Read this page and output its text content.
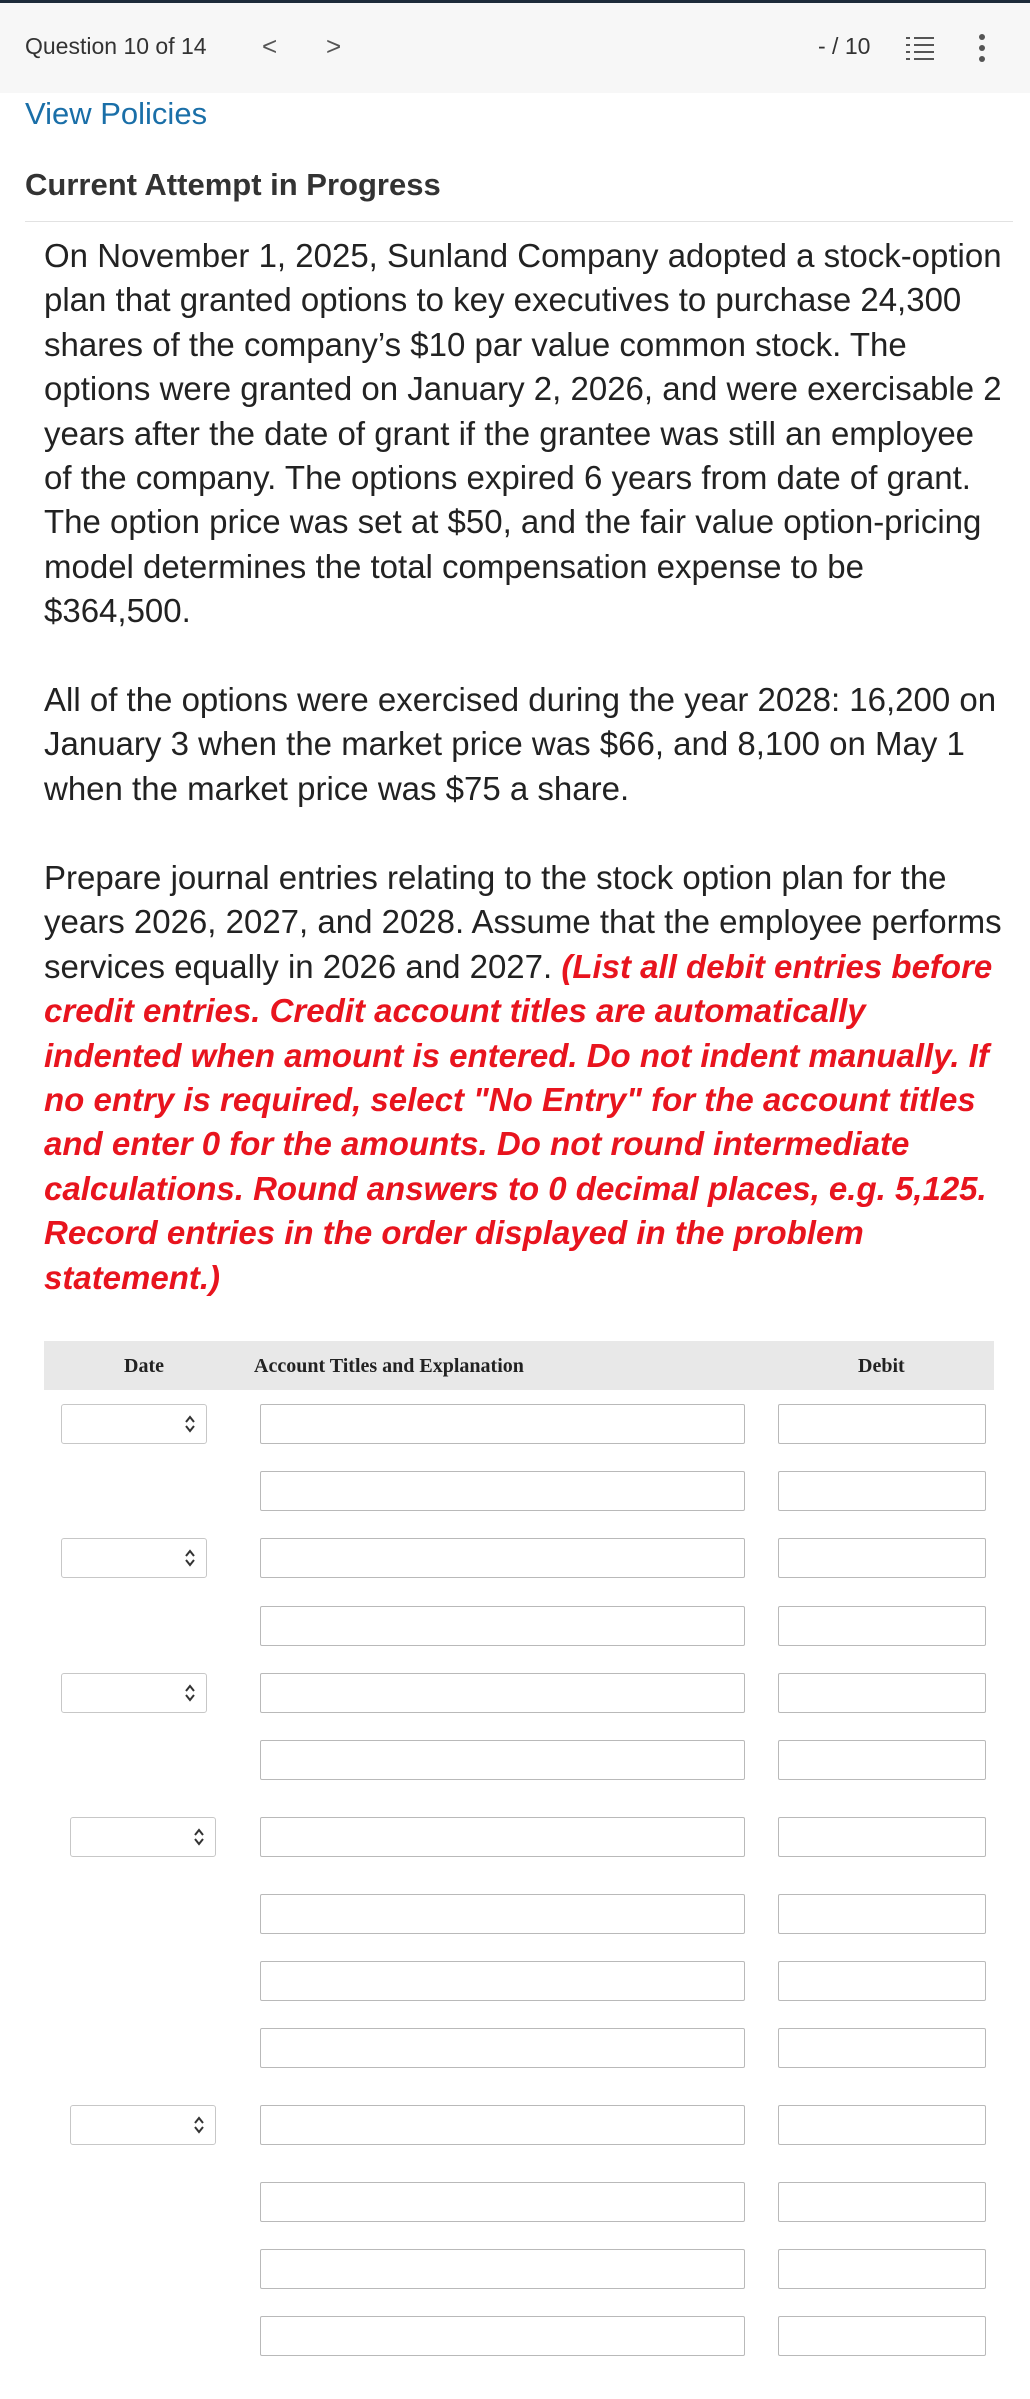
Question 10 of 14 < >	- / 10
View Policies
Current Attempt in Progress
On November 1, 2025, Sunland Company adopted a stock-option plan that granted options to key executives to purchase 24,300 shares of the company’s $10 par value common stock. The options were granted on January 2, 2026, and were exercisable 2 years after the date of grant if the grantee was still an employee of the company. The options expired 6 years from date of grant. The option price was set at $50, and the fair value option-pricing model determines the total compensation expense to be $364,500.
All of the options were exercised during the year 2028: 16,200 on January 3 when the market price was $66, and 8,100 on May 1 when the market price was $75 a share.
Prepare journal entries relating to the stock option plan for the years 2026, 2027, and 2028. Assume that the employee performs services equally in 2026 and 2027. (List all debit entries before credit entries. Credit account titles are automatically indented when amount is entered. Do not indent manually. If no entry is required, select "No Entry" for the account titles and enter 0 for the amounts. Do not round intermediate calculations. Round answers to 0 decimal places, e.g. 5,125. Record entries in the order displayed in the problem statement.)
Date	Account Titles and Explanation	Debit
